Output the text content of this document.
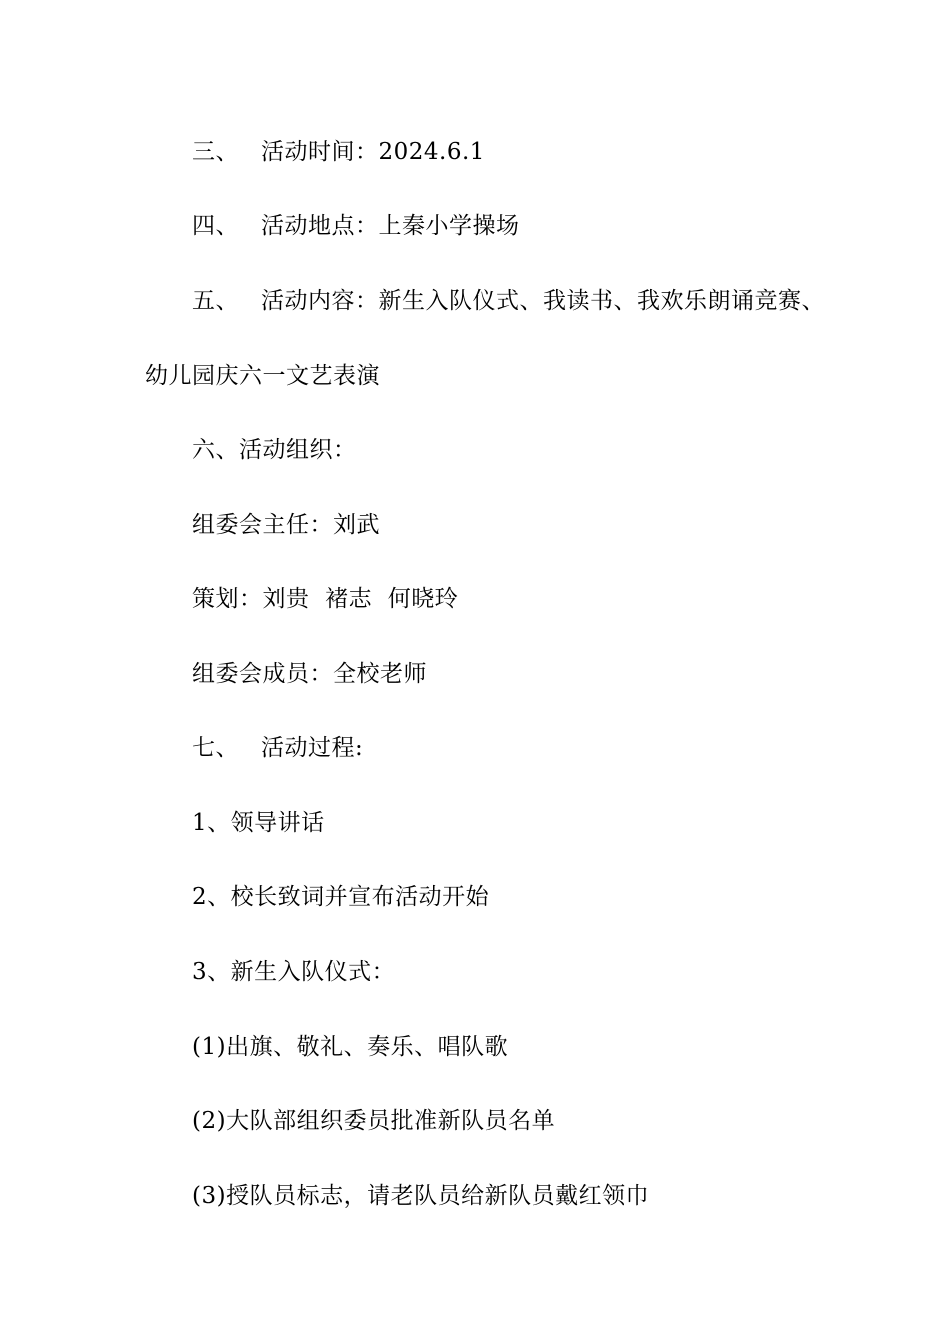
三、 活动时间：2024.6.1
四、 活动地点：上秦小学操场
五、 活动内容：新生入队仪式、我读书、我欢乐朗诵竞赛、
幼儿园庆六一文艺表演
六、活动组织：
组委会主任：刘武
策划：刘贵  褚志  何晓玲
组委会成员：全校老师
七、 活动过程:
1、领导讲话
2、校长致词并宣布活动开始
3、新生入队仪式：
(1)出旗、敬礼、奏乐、唱队歌
(2)大队部组织委员批准新队员名单
(3)授队员标志，请老队员给新队员戴红领巾
